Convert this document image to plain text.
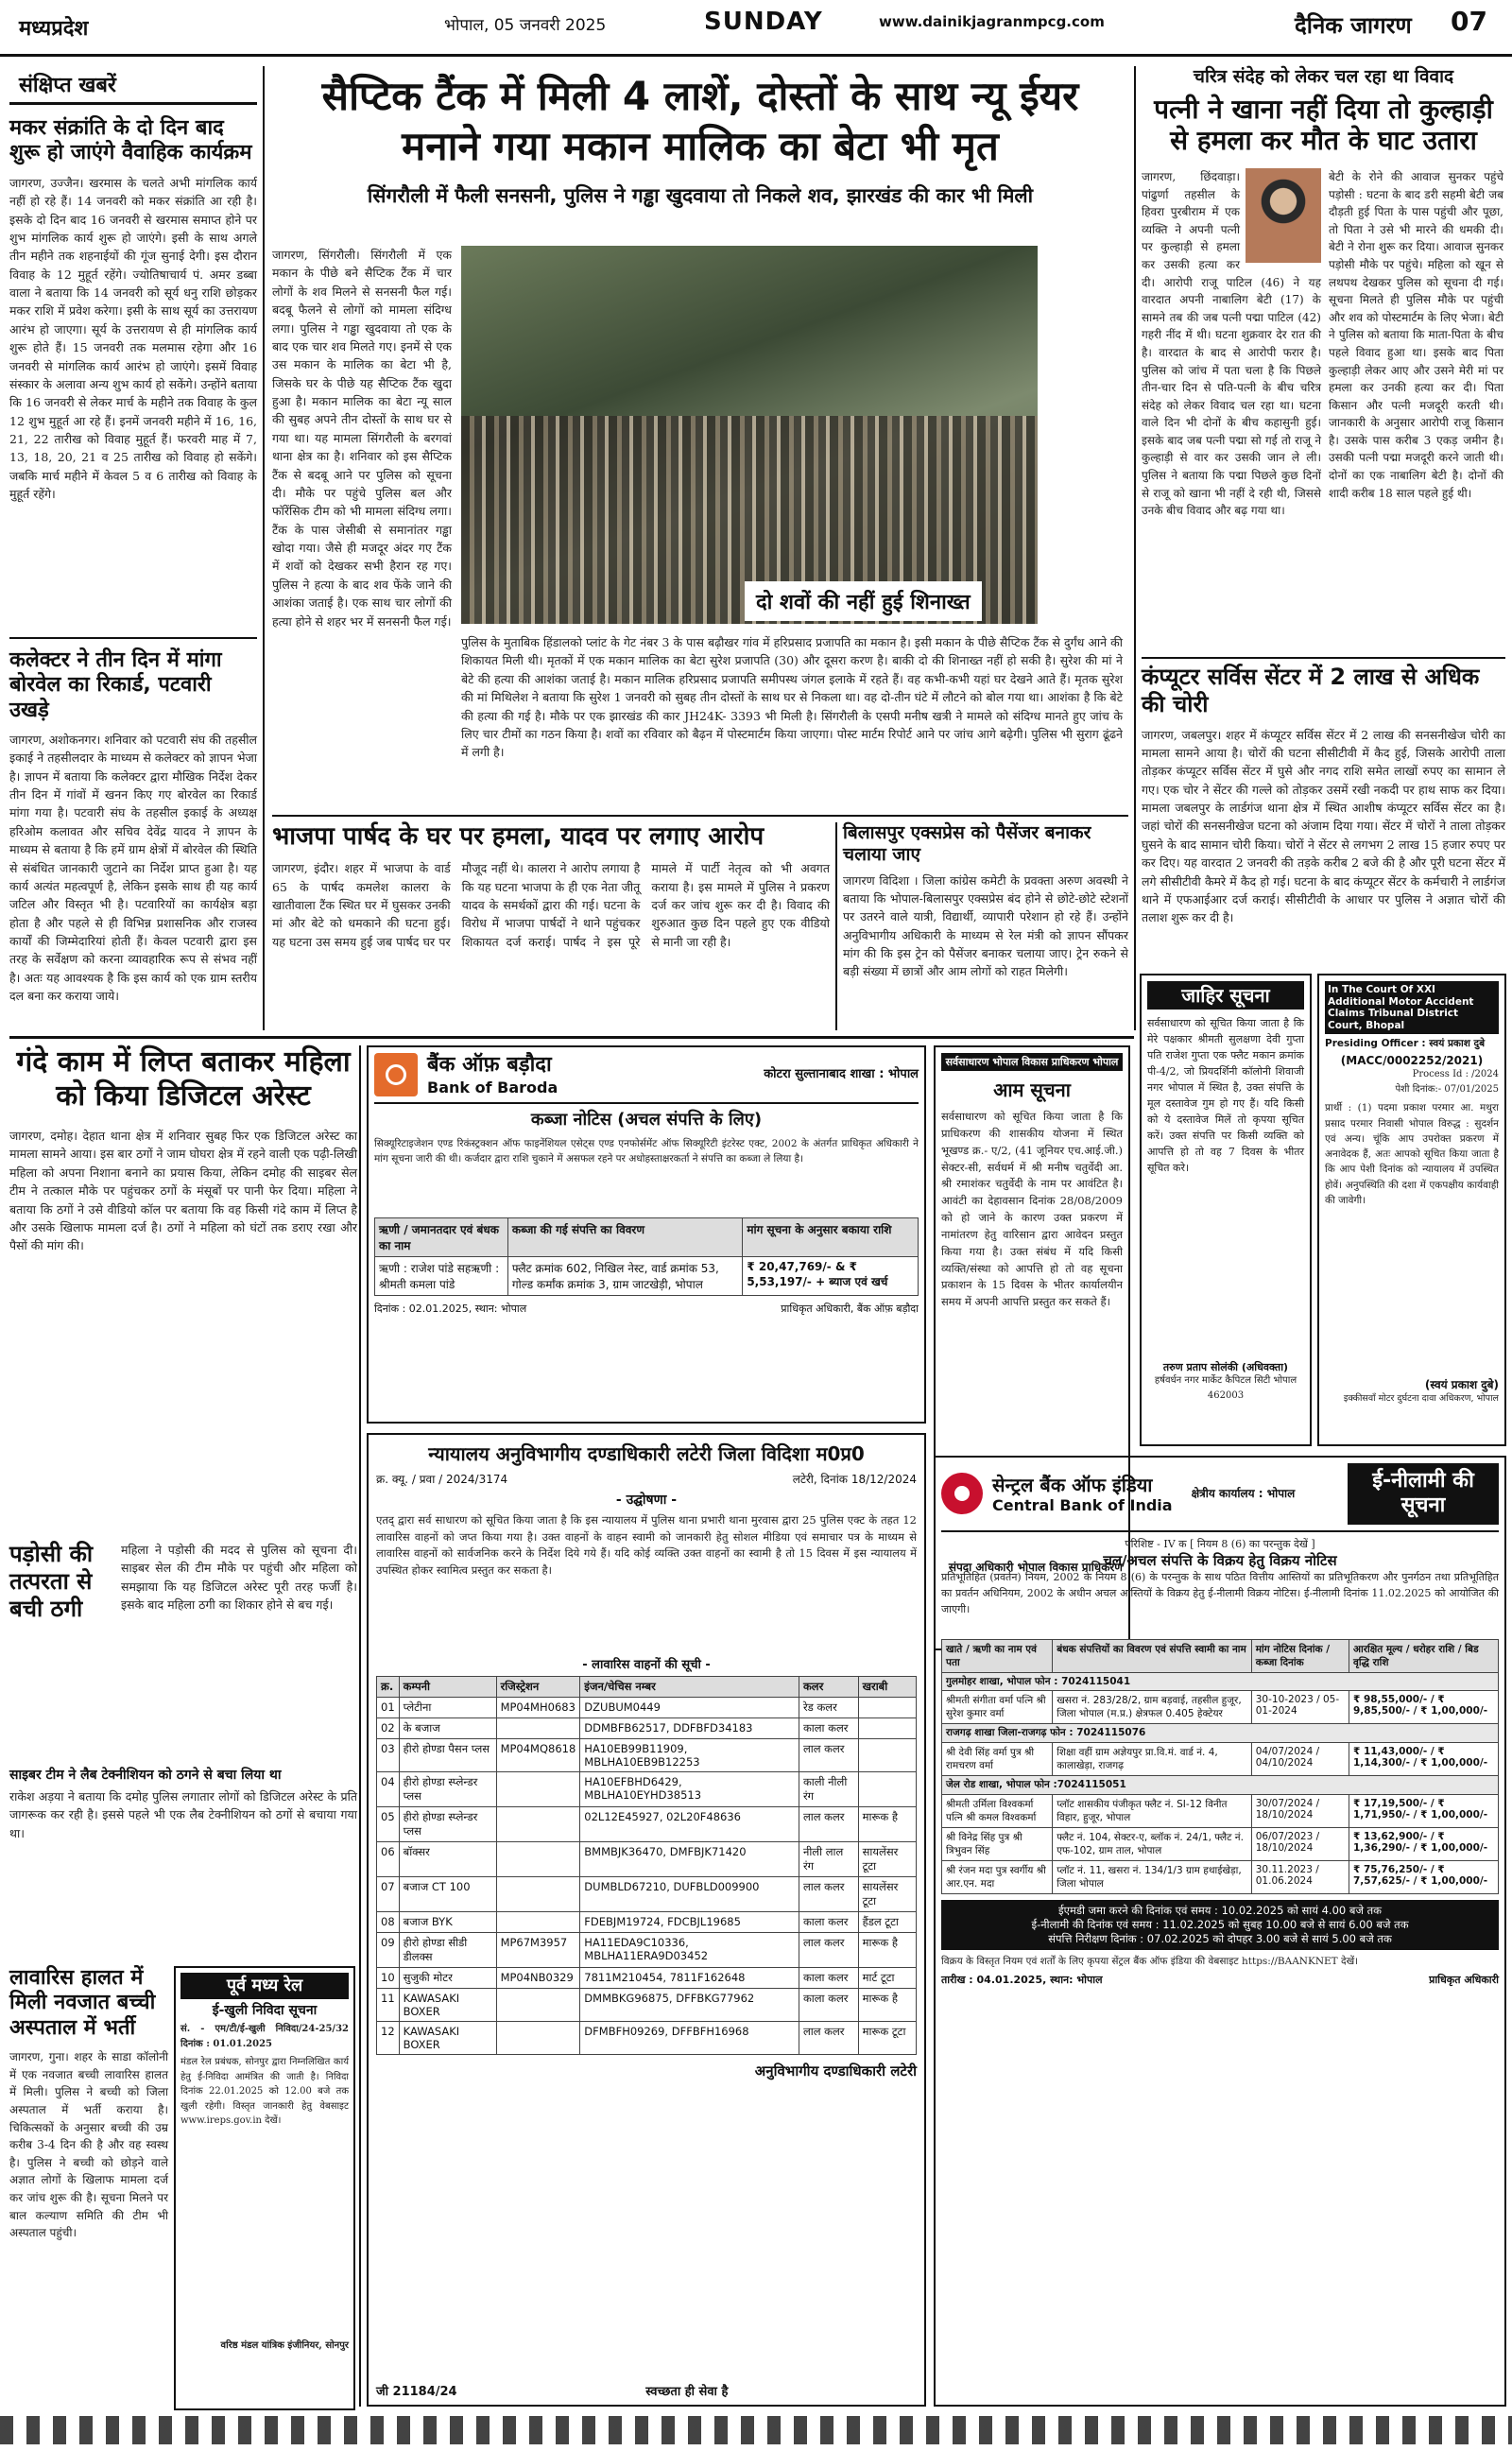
मध्यप्रदेश	भोपाल, 05 जनवरी 2025	SUNDAY	www.dainikjagranmpcg.com	दैनिक जागरण 07
संक्षिप्त खबरें
मकर संक्रांति के दो दिन बाद शुरू हो जाएंगे वैवाहिक कार्यक्रम
जागरण, उज्जैन। खरमास के चलते अभी मांगलिक कार्य नहीं हो रहे हैं। 14 जनवरी को मकर संक्रांति आ रही है। इसके दो दिन बाद 16 जनवरी से खरमास समाप्त होने पर शुभ मांगलिक कार्य शुरू हो जाएंगे। इसी के साथ अगले तीन महीने तक शहनाईयों की गूंज सुनाई देगी। इस दौरान विवाह के 12 मुहूर्त रहेंगे। ज्योतिषाचार्य पं. अमर डब्बा वाला ने बताया कि 14 जनवरी को सूर्य धनु राशि छोड़कर मकर राशि में प्रवेश करेगा। इसी के साथ सूर्य का उत्तरायण आरंभ हो जाएगा। सूर्य के उत्तरायण से ही मांगलिक कार्य शुरू होते हैं। 15 जनवरी तक मलमास रहेगा और 16 जनवरी से मांगलिक कार्य आरंभ हो जाएंगे। इसमें विवाह संस्कार के अलावा अन्य शुभ कार्य हो सकेंगे। उन्होंने बताया कि 16 जनवरी से लेकर मार्च के महीने तक विवाह के कुल 12 शुभ मुहूर्त आ रहे हैं। इनमें जनवरी महीने में 16, 16, 21, 22 तारीख को विवाह मुहूर्त हैं। फरवरी माह में 7, 13, 18, 20, 21 व 25 तारीख को विवाह हो सकेंगे। जबकि मार्च महीने में केवल 5 व 6 तारीख को विवाह के मुहूर्त रहेंगे।
कलेक्टर ने तीन दिन में मांगा बोरवेल का रिकार्ड, पटवारी उखड़े
जागरण, अशोकनगर। शनिवार को पटवारी संघ की तहसील इकाई ने तहसीलदार के माध्यम से कलेक्टर को ज्ञापन भेजा है। ज्ञापन में बताया कि कलेक्टर द्वारा मौखिक निर्देश देकर तीन दिन में गांवों में खनन किए गए बोरवेल का रिकार्ड मांगा गया है। पटवारी संघ के तहसील इकाई के अध्यक्ष हरिओम कलावत और सचिव देवेंद्र यादव ने ज्ञापन के माध्यम से बताया है कि हमें ग्राम क्षेत्रों में बोरवेल की स्थिति से संबंधित जानकारी जुटाने का निर्देश प्राप्त हुआ है। यह कार्य अत्यंत महत्वपूर्ण है, लेकिन इसके साथ ही यह कार्य जटिल और विस्तृत भी है। पटवारियों का कार्यक्षेत्र बड़ा होता है और पहले से ही विभिन्न प्रशासनिक और राजस्व कार्यों की जिम्मेदारियां होती हैं। केवल पटवारी द्वारा इस तरह के सर्वेक्षण को करना व्यावहारिक रूप से संभव नहीं है। अतः यह आवश्यक है कि इस कार्य को एक ग्राम स्तरीय दल बना कर कराया जाये।
सैप्टिक टैंक में मिली 4 लाशें, दोस्तों के साथ न्यू ईयर मनाने गया मकान मालिक का बेटा भी मृत
सिंगरौली में फैली सनसनी, पुलिस ने गड्ढा खुदवाया तो निकले शव, झारखंड की कार भी मिली
जागरण, सिंगरौली। सिंगरौली में एक मकान के पीछे बने सैप्टिक टैंक में चार लोगों के शव मिलने से सनसनी फैल गई। बदबू फैलने से लोगों को मामला संदिग्ध लगा। पुलिस ने गड्ढा खुदवाया तो एक के बाद एक चार शव मिलते गए। इनमें से एक उस मकान के मालिक का बेटा भी है, जिसके घर के पीछे यह सैप्टिक टैंक खुदा हुआ है। मकान मालिक का बेटा न्यू साल की सुबह अपने तीन दोस्तों के साथ घर से गया था। यह मामला सिंगरौली के बरगवां थाना क्षेत्र का है। शनिवार को इस सैप्टिक टैंक से बदबू आने पर पुलिस को सूचना दी। मौके पर पहुंचे पुलिस बल और फॉरेंसिक टीम को भी मामला संदिग्ध लगा। टैंक के पास जेसीबी से समानांतर गड्ढा खोदा गया। जैसे ही मजदूर अंदर गए टैंक में शवों को देखकर सभी हैरान रह गए। पुलिस ने हत्या के बाद शव फेंके जाने की आशंका जताई है। एक साथ चार लोगों की हत्या होने से शहर भर में सनसनी फैल गई।
दो शवों की नहीं हुई शिनाख्त
पुलिस के मुताबिक हिंडालको प्लांट के गेट नंबर 3 के पास बढ़ौखर गांव में हरिप्रसाद प्रजापति का मकान है। इसी मकान के पीछे सैप्टिक टैंक से दुर्गंध आने की शिकायत मिली थी। मृतकों में एक मकान मालिक का बेटा सुरेश प्रजापति (30) और दूसरा करण है। बाकी दो की शिनाख्त नहीं हो सकी है। सुरेश की मां ने बेटे की हत्या की आशंका जताई है। मकान मालिक हरिप्रसाद प्रजापति समीपस्थ जंगल इलाके में रहते हैं। वह कभी-कभी यहां घर देखने आते हैं। मृतक सुरेश की मां मिथिलेश ने बताया कि सुरेश 1 जनवरी को सुबह तीन दोस्तों के साथ घर से निकला था। वह दो-तीन घंटे में लौटने को बोल गया था। आशंका है कि बेटे की हत्या की गई है। मौके पर एक झारखंड की कार JH24K- 3393 भी मिली है। सिंगरौली के एसपी मनीष खत्री ने मामले को संदिग्ध मानते हुए जांच के लिए चार टीमों का गठन किया है। शवों का रविवार को बैढ़न में पोस्टमार्टम किया जाएगा। पोस्ट मार्टम रिपोर्ट आने पर जांच आगे बढ़ेगी। पुलिस भी सुराग ढूंढने में लगी है।
चरित्र संदेह को लेकर चल रहा था विवाद
पत्नी ने खाना नहीं दिया तो कुल्हाड़ी से हमला कर मौत के घाट उतारा
जागरण, छिंदवाड़ा। पांढुर्णा तहसील के हिवरा पुरबीराम में एक व्यक्ति ने अपनी पत्नी पर कुल्हाड़ी से हमला कर उसकी हत्या कर दी। आरोपी राजू पाटिल (46) ने यह वारदात अपनी नाबालिग बेटी (17) के सामने तब की जब पत्नी पद्मा पाटिल (42) गहरी नींद में थी। घटना शुक्रवार देर रात की है। वारदात के बाद से आरोपी फरार है। पुलिस को जांच में पता चला है कि पिछले तीन-चार दिन से पति-पत्नी के बीच चरित्र संदेह को लेकर विवाद चल रहा था। घटना वाले दिन भी दोनों के बीच कहासुनी हुई। इसके बाद जब पत्नी पद्मा सो गई तो राजू ने कुल्हाड़ी से वार कर उसकी जान ले ली। पुलिस ने बताया कि पद्मा पिछले कुछ दिनों से राजू को खाना भी नहीं दे रही थी, जिससे उनके बीच विवाद और बढ़ गया था।
बेटी के रोने की आवाज सुनकर पहुंचे पड़ोसी : घटना के बाद डरी सहमी बेटी जब दौड़ती हुई पिता के पास पहुंची और पूछा, तो पिता ने उसे भी मारने की धमकी दी। बेटी ने रोना शुरू कर दिया। आवाज सुनकर पड़ोसी मौके पर पहुंचे। महिला को खून से लथपथ देखकर पुलिस को सूचना दी गई। सूचना मिलते ही पुलिस मौके पर पहुंची और शव को पोस्टमार्टम के लिए भेजा। बेटी ने पुलिस को बताया कि माता-पिता के बीच पहले विवाद हुआ था। इसके बाद पिता कुल्हाड़ी लेकर आए और उसने मेरी मां पर हमला कर उनकी हत्या कर दी। पिता किसान और पत्नी मजदूरी करती थी। जानकारी के अनुसार आरोपी राजू किसान है। उसके पास करीब 3 एकड़ जमीन है। उसकी पत्नी पद्मा मजदूरी करने जाती थी। दोनों का एक नाबालिग बेटी है। दोनों की शादी करीब 18 साल पहले हुई थी।
कंप्यूटर सर्विस सेंटर में 2 लाख से अधिक की चोरी
जागरण, जबलपुर। शहर में कंप्यूटर सर्विस सेंटर में 2 लाख की सनसनीखेज चोरी का मामला सामने आया है। चोरों की घटना सीसीटीवी में कैद हुई, जिसके आरोपी ताला तोड़कर कंप्यूटर सर्विस सेंटर में घुसे और नगद राशि समेत लाखों रुपए का सामान ले गए। एक चोर ने सेंटर की गल्ले को तोड़कर उसमें रखी नकदी पर हाथ साफ कर दिया। मामला जबलपुर के लार्डगंज थाना क्षेत्र में स्थित आशीष कंप्यूटर सर्विस सेंटर का है। जहां चोरों की सनसनीखेज घटना को अंजाम दिया गया। सेंटर में चोरों ने ताला तोड़कर घुसने के बाद सामान चोरी किया। चोरों ने सेंटर से लगभग 2 लाख 15 हजार रुपए पर कर दिए। यह वारदात 2 जनवरी की तड़के करीब 2 बजे की है और पूरी घटना सेंटर में लगे सीसीटीवी कैमरे में कैद हो गई। घटना के बाद कंप्यूटर सेंटर के कर्मचारी ने लार्डगंज थाने में एफआईआर दर्ज कराई। सीसीटीवी के आधार पर पुलिस ने अज्ञात चोरों की तलाश शुरू कर दी है।
भाजपा पार्षद के घर पर हमला, यादव पर लगाए आरोप
जागरण, इंदौर। शहर में भाजपा के वार्ड 65 के पार्षद कमलेश कालरा के खातीवाला टैंक स्थित घर में घुसकर उनकी मां और बेटे को धमकाने की घटना हुई। यह घटना उस समय हुई जब पार्षद घर पर मौजूद नहीं थे। कालरा ने आरोप लगाया है कि यह घटना भाजपा के ही एक नेता जीतू यादव के समर्थकों द्वारा की गई। घटना के विरोध में भाजपा पार्षदों ने थाने पहुंचकर शिकायत दर्ज कराई। पार्षद ने इस पूरे मामले में पार्टी नेतृत्व को भी अवगत कराया है। इस मामले में पुलिस ने प्रकरण दर्ज कर जांच शुरू कर दी है। विवाद की शुरुआत कुछ दिन पहले हुए एक वीडियो से मानी जा रही है।
बिलासपुर एक्सप्रेस को पैसेंजर बनाकर चलाया जाए
जागरण विदिशा । जिला कांग्रेस कमेटी के प्रवक्ता अरुण अवस्थी ने बताया कि भोपाल-बिलासपुर एक्सप्रेस बंद होने से छोटे-छोटे स्टेशनों पर उतरने वाले यात्री, विद्यार्थी, व्यापारी परेशान हो रहे हैं। उन्होंने अनुविभागीय अधिकारी के माध्यम से रेल मंत्री को ज्ञापन सौंपकर मांग की कि इस ट्रेन को पैसेंजर बनाकर चलाया जाए। ट्रेन रुकने से बड़ी संख्या में छात्रों और आम लोगों को राहत मिलेगी।
गंदे काम में लिप्त बताकर महिला को किया डिजिटल अरेस्ट
जागरण, दमोह। देहात थाना क्षेत्र में शनिवार सुबह फिर एक डिजिटल अरेस्ट का मामला सामने आया। इस बार ठगों ने जाम घोघरा क्षेत्र में रहने वाली एक पढ़ी-लिखी महिला को अपना निशाना बनाने का प्रयास किया, लेकिन दमोह की साइबर सेल टीम ने तत्काल मौके पर पहुंचकर ठगों के मंसूबों पर पानी फेर दिया। महिला ने बताया कि ठगों ने उसे वीडियो कॉल पर बताया कि वह किसी गंदे काम में लिप्त है और उसके खिलाफ मामला दर्ज है। ठगों ने महिला को घंटों तक डराए रखा और पैसों की मांग की।
पड़ोसी की तत्परता से बची ठगी
महिला ने पड़ोसी की मदद से पुलिस को सूचना दी। साइबर सेल की टीम मौके पर पहुंची और महिला को समझाया कि यह डिजिटल अरेस्ट पूरी तरह फर्जी है। इसके बाद महिला ठगी का शिकार होने से बच गई।
साइबर टीम ने लैब टेक्नीशियन को ठगने से बचा लिया था
राकेश अड़या ने बताया कि दमोह पुलिस लगातार लोगों को डिजिटल अरेस्ट के प्रति जागरूक कर रही है। इससे पहले भी एक लैब टेक्नीशियन को ठगों से बचाया गया था।
लावारिस हालत में मिली नवजात बच्ची अस्पताल में भर्ती
जागरण, गुना। शहर के साडा कॉलोनी में एक नवजात बच्ची लावारिस हालत में मिली। पुलिस ने बच्ची को जिला अस्पताल में भर्ती कराया है। चिकित्सकों के अनुसार बच्ची की उम्र करीब 3-4 दिन की है और वह स्वस्थ है। पुलिस ने बच्ची को छोड़ने वाले अज्ञात लोगों के खिलाफ मामला दर्ज कर जांच शुरू की है। सूचना मिलने पर बाल कल्याण समिति की टीम भी अस्पताल पहुंची।
पूर्व मध्य रेल
ई-खुली निविदा सूचना
सं. - एम/टी/ई-खुली निविदा/24-25/32 दिनांक : 01.01.2025
मंडल रेल प्रबंधक, सोनपुर द्वारा निम्नलिखित कार्य हेतु ई-निविदा आमंत्रित की जाती है। निविदा दिनांक 22.01.2025 को 12.00 बजे तक खुली रहेगी। विस्तृत जानकारी हेतु वेबसाइट www.ireps.gov.in देखें।
वरिष्ठ मंडल यांत्रिक इंजीनियर, सोनपुर
बैंक ऑफ़ बड़ौदा
Bank of Baroda
कोटरा सुल्तानाबाद शाखा : भोपाल
कब्जा नोटिस (अचल संपत्ति के लिए)
सिक्यूरिटाइजेशन एण्ड रिकंस्ट्रक्शन ऑफ फाइनेंशियल एसेट्स एण्ड एनफोर्समेंट ऑफ सिक्यूरिटी इंटरेस्ट एक्ट, 2002 के अंतर्गत प्राधिकृत अधिकारी ने मांग सूचना जारी की थी। कर्जदार द्वारा राशि चुकाने में असफल रहने पर अधोहस्ताक्षरकर्ता ने संपत्ति का कब्जा ले लिया है।
ऋणी / जमानतदार एवं बंधक का नाम	कब्जा की गई संपत्ति का विवरण	मांग सूचना के अनुसार बकाया राशि
ऋणी : राजेश पांडे सहऋणी : श्रीमती कमला पांडे	फ्लैट क्रमांक 602, निखिल नेस्ट, वार्ड क्रमांक 53, गोल्ड कर्मांक क्रमांक 3, ग्राम जाटखेड़ी, भोपाल	₹ 20,47,769/- & ₹ 5,53,197/- + ब्याज एवं खर्च
दिनांक : 02.01.2025, स्थान: भोपाल	प्राधिकृत अधिकारी, बैंक ऑफ़ बड़ौदा
सर्वसाधारण भोपाल विकास प्राधिकरण भोपाल
आम सूचना
सर्वसाधारण को सूचित किया जाता है कि प्राधिकरण की शासकीय योजना में स्थित भूखण्ड क्र.- ए/2, (41 जूनियर एच.आई.जी.) सेक्टर-सी, सर्वधर्म में श्री मनीष चतुर्वेदी आ. श्री रमाशंकर चतुर्वेदी के नाम पर आवंटित है। आवंटी का देहावसान दिनांक 28/08/2009 को हो जाने के कारण उक्त प्रकरण में नामांतरण हेतु वारिसान द्वारा आवेदन प्रस्तुत किया गया है। उक्त संबंध में यदि किसी व्यक्ति/संस्था को आपत्ति हो तो वह सूचना प्रकाशन के 15 दिवस के भीतर कार्यालयीन समय में अपनी आपत्ति प्रस्तुत कर सकते हैं।
संपदा अधिकारी भोपाल विकास प्राधिकरण
न्यायालय अनुविभागीय दण्डाधिकारी लटेरी जिला विदिशा म0प्र0
क्र. क्यू. / प्रवा / 2024/3174	लटेरी, दिनांक 18/12/2024
- उद्घोषणा -
एतद् द्वारा सर्व साधारण को सूचित किया जाता है कि इस न्यायालय में पुलिस थाना प्रभारी थाना मुरवास द्वारा 25 पुलिस एक्ट के तहत 12 लावारिस वाहनों को जप्त किया गया है। उक्त वाहनों के वाहन स्वामी को जानकारी हेतु सोशल मीडिया एवं समाचार पत्र के माध्यम से लावारिस वाहनों को सार्वजनिक करने के निर्देश दिये गये हैं। यदि कोई व्यक्ति उक्त वाहनों का स्वामी है तो 15 दिवस में इस न्यायालय में उपस्थित होकर स्वामित्व प्रस्तुत कर सकता है।
- लावारिस वाहनों की सूची -
क्र.	कम्पनी	रजिस्ट्रेशन	इंजन/चेचिस नम्बर	कलर	खराबी
01	प्लेटीना	MP04MH0683	DZUBUM0449	रेड कलर	
02	के बजाज		DDMBFB62517, DDFBFD34183	काला कलर	
03	हीरो होण्डा पैसन प्लस	MP04MQ8618	HA10EB99B11909, MBLHA10EB9B12253	लाल कलर	
04	हीरो होण्डा स्प्लेन्डर प्लस		HA10EFBHD6429, MBLHA10EYHD38513	काली नीली रंग	
05	हीरो होण्डा स्प्लेन्डर प्लस		02L12E45927, 02L20F48636	लाल कलर	मारूक है
06	बॉक्सर		BMMBJK36470, DMFBJK71420	नीली लाल रंग	सायलेंसर टूटा
07	बजाज CT 100		DUMBLD67210, DUFBLD009900	लाल कलर	सायलेंसर टूटा
08	बजाज BYK		FDEBJM19724, FDCBJL19685	काला कलर	हैंडल टूटा
09	हीरो होण्डा सीडी डीलक्स	MP67M3957	HA11EDA9C10336, MBLHA11ERA9D03452	लाल कलर	मारूक है
10	सुजुकी मोटर	MP04NB0329	7811M210454, 7811F162648	काला कलर	मार्ट टूटा
11	KAWASAKI BOXER		DMMBKG96875, DFFBKG77962	काला कलर	मारूक है
12	KAWASAKI BOXER		DFMBFH09269, DFFBFH16968	लाल कलर	मारूक टूटा
अनुविभागीय दण्डाधिकारी लटेरी
जी 21184/24	स्वच्छता ही सेवा है
जाहिर सूचना
सर्वसाधारण को सूचित किया जाता है कि मेरे पक्षकार श्रीमती सुलक्षणा देवी गुप्ता पति राजेश गुप्ता एक फ्लैट मकान क्रमांक पी-4/2, जो प्रियदर्शिनी कॉलोनी शिवाजी नगर भोपाल में स्थित है, उक्त संपत्ति के मूल दस्तावेज गुम हो गए हैं। यदि किसी को ये दस्तावेज मिलें तो कृपया सूचित करें। उक्त संपत्ति पर किसी व्यक्ति को आपत्ति हो तो वह 7 दिवस के भीतर सूचित करे।
तरुण प्रताप सोलंकी (अधिवक्ता)
हर्षवर्धन नगर मार्केट कैपिटल सिटी भोपाल 462003
In The Court Of XXI Additional Motor Accident Claims Tribunal District Court, Bhopal
Presiding Officer : स्वयं प्रकाश दुबे
(MACC/0002252/2021)
Process Id : /2024
पेशी दिनांक:- 07/01/2025
प्रार्थी : (1) पदमा प्रकाश परमार आ. मथुरा प्रसाद परमार निवासी भोपाल विरुद्ध : सुदर्शन एवं अन्य। चूंकि आप उपरोक्त प्रकरण में अनावेदक हैं, अतः आपको सूचित किया जाता है कि आप पेशी दिनांक को न्यायालय में उपस्थित होवें। अनुपस्थिति की दशा में एकपक्षीय कार्यवाही की जावेगी।
(स्वयं प्रकाश दुबे)
इक्कीसवाँ मोटर दुर्घटना दावा अधिकरण, भोपाल
सेन्ट्रल बैंक ऑफ इंडिया
Central Bank of India
क्षेत्रीय कार्यालय : भोपाल
ई-नीलामी की सूचना
परिशिष्ट - IV क [ नियम 8 (6) का परन्तुक देखें ]
चल/अचल संपत्ति के विक्रय हेतु विक्रय नोटिस
प्रतिभूतिहित (प्रवर्तन) नियम, 2002 के नियम 8 (6) के परन्तुक के साथ पठित वित्तीय आस्तियों का प्रतिभूतिकरण और पुनर्गठन तथा प्रतिभूतिहित का प्रवर्तन अधिनियम, 2002 के अधीन अचल आस्तियों के विक्रय हेतु ई-नीलामी विक्रय नोटिस। ई-नीलामी दिनांक 11.02.2025 को आयोजित की जाएगी।
खाते / ऋणी का नाम एवं पता	बंधक संपत्तियों का विवरण एवं संपत्ति स्वामी का नाम	मांग नोटिस दिनांक / कब्जा दिनांक	आरक्षित मूल्य / धरोहर राशि / बिड वृद्धि राशि
गुलमोहर शाखा, भोपाल फोन : 7024115041			
श्रीमती संगीता वर्मा पत्नि श्री सुरेश कुमार वर्मा	खसरा नं. 283/28/2, ग्राम बड़वाई, तहसील हुजूर, जिला भोपाल (म.प्र.) क्षेत्रफल 0.405 हेक्टेयर	30-10-2023 / 05-01-2024	₹ 98,55,000/- / ₹ 9,85,500/- / ₹ 1,00,000/-
राजगढ़ शाखा जिला-राजगढ़ फोन : 7024115076			
श्री देवी सिंह वर्मा पुत्र श्री रामचरण वर्मा	शिक्षा वहीं ग्राम अज्ञेयपुर प्रा.वि.मं. वार्ड नं. 4, कालाखेड़ा, राजगढ़	04/07/2024 / 04/10/2024	₹ 11,43,000/- / ₹ 1,14,300/- / ₹ 1,00,000/-
जेल रोड शाखा, भोपाल फोन :7024115051			
श्रीमती उर्मिला विश्वकर्मा पत्नि श्री कमल विश्वकर्मा	प्लॉट शासकीय पंजीकृत फ्लैट नं. SI-12 विनीत विहार, हुजूर, भोपाल	30/07/2024 / 18/10/2024	₹ 17,19,500/- / ₹ 1,71,950/- / ₹ 1,00,000/-
श्री विनेद्र सिंह पुत्र श्री त्रिभुवन सिंह	फ्लैट नं. 104, सेक्टर-ए, ब्लॉक नं. 24/1, फ्लैट नं. एफ-102, ग्राम ताल, भोपाल	06/07/2023 / 18/10/2024	₹ 13,62,900/- / ₹ 1,36,290/- / ₹ 1,00,000/-
श्री रंजन मदा पुत्र स्वर्गीय श्री आर.एन. मदा	प्लॉट नं. 11, खसरा नं. 134/1/3 ग्राम हथाईखेड़ा, जिला भोपाल	30.11.2023 / 01.06.2024	₹ 75,76,250/- / ₹ 7,57,625/- / ₹ 1,00,000/-
ईएमडी जमा करने की दिनांक एवं समय : 10.02.2025 को सायं 4.00 बजे तक
ई-नीलामी की दिनांक एवं समय : 11.02.2025 को सुबह 10.00 बजे से सायं 6.00 बजे तक
संपत्ति निरीक्षण दिनांक : 07.02.2025 को दोपहर 3.00 बजे से सायं 5.00 बजे तक
विक्रय के विस्तृत नियम एवं शर्तों के लिए कृपया सेंट्रल बैंक ऑफ इंडिया की वेबसाइट https://BAANKNET देखें।
तारीख : 04.01.2025, स्थान: भोपाल	प्राधिकृत अधिकारी
